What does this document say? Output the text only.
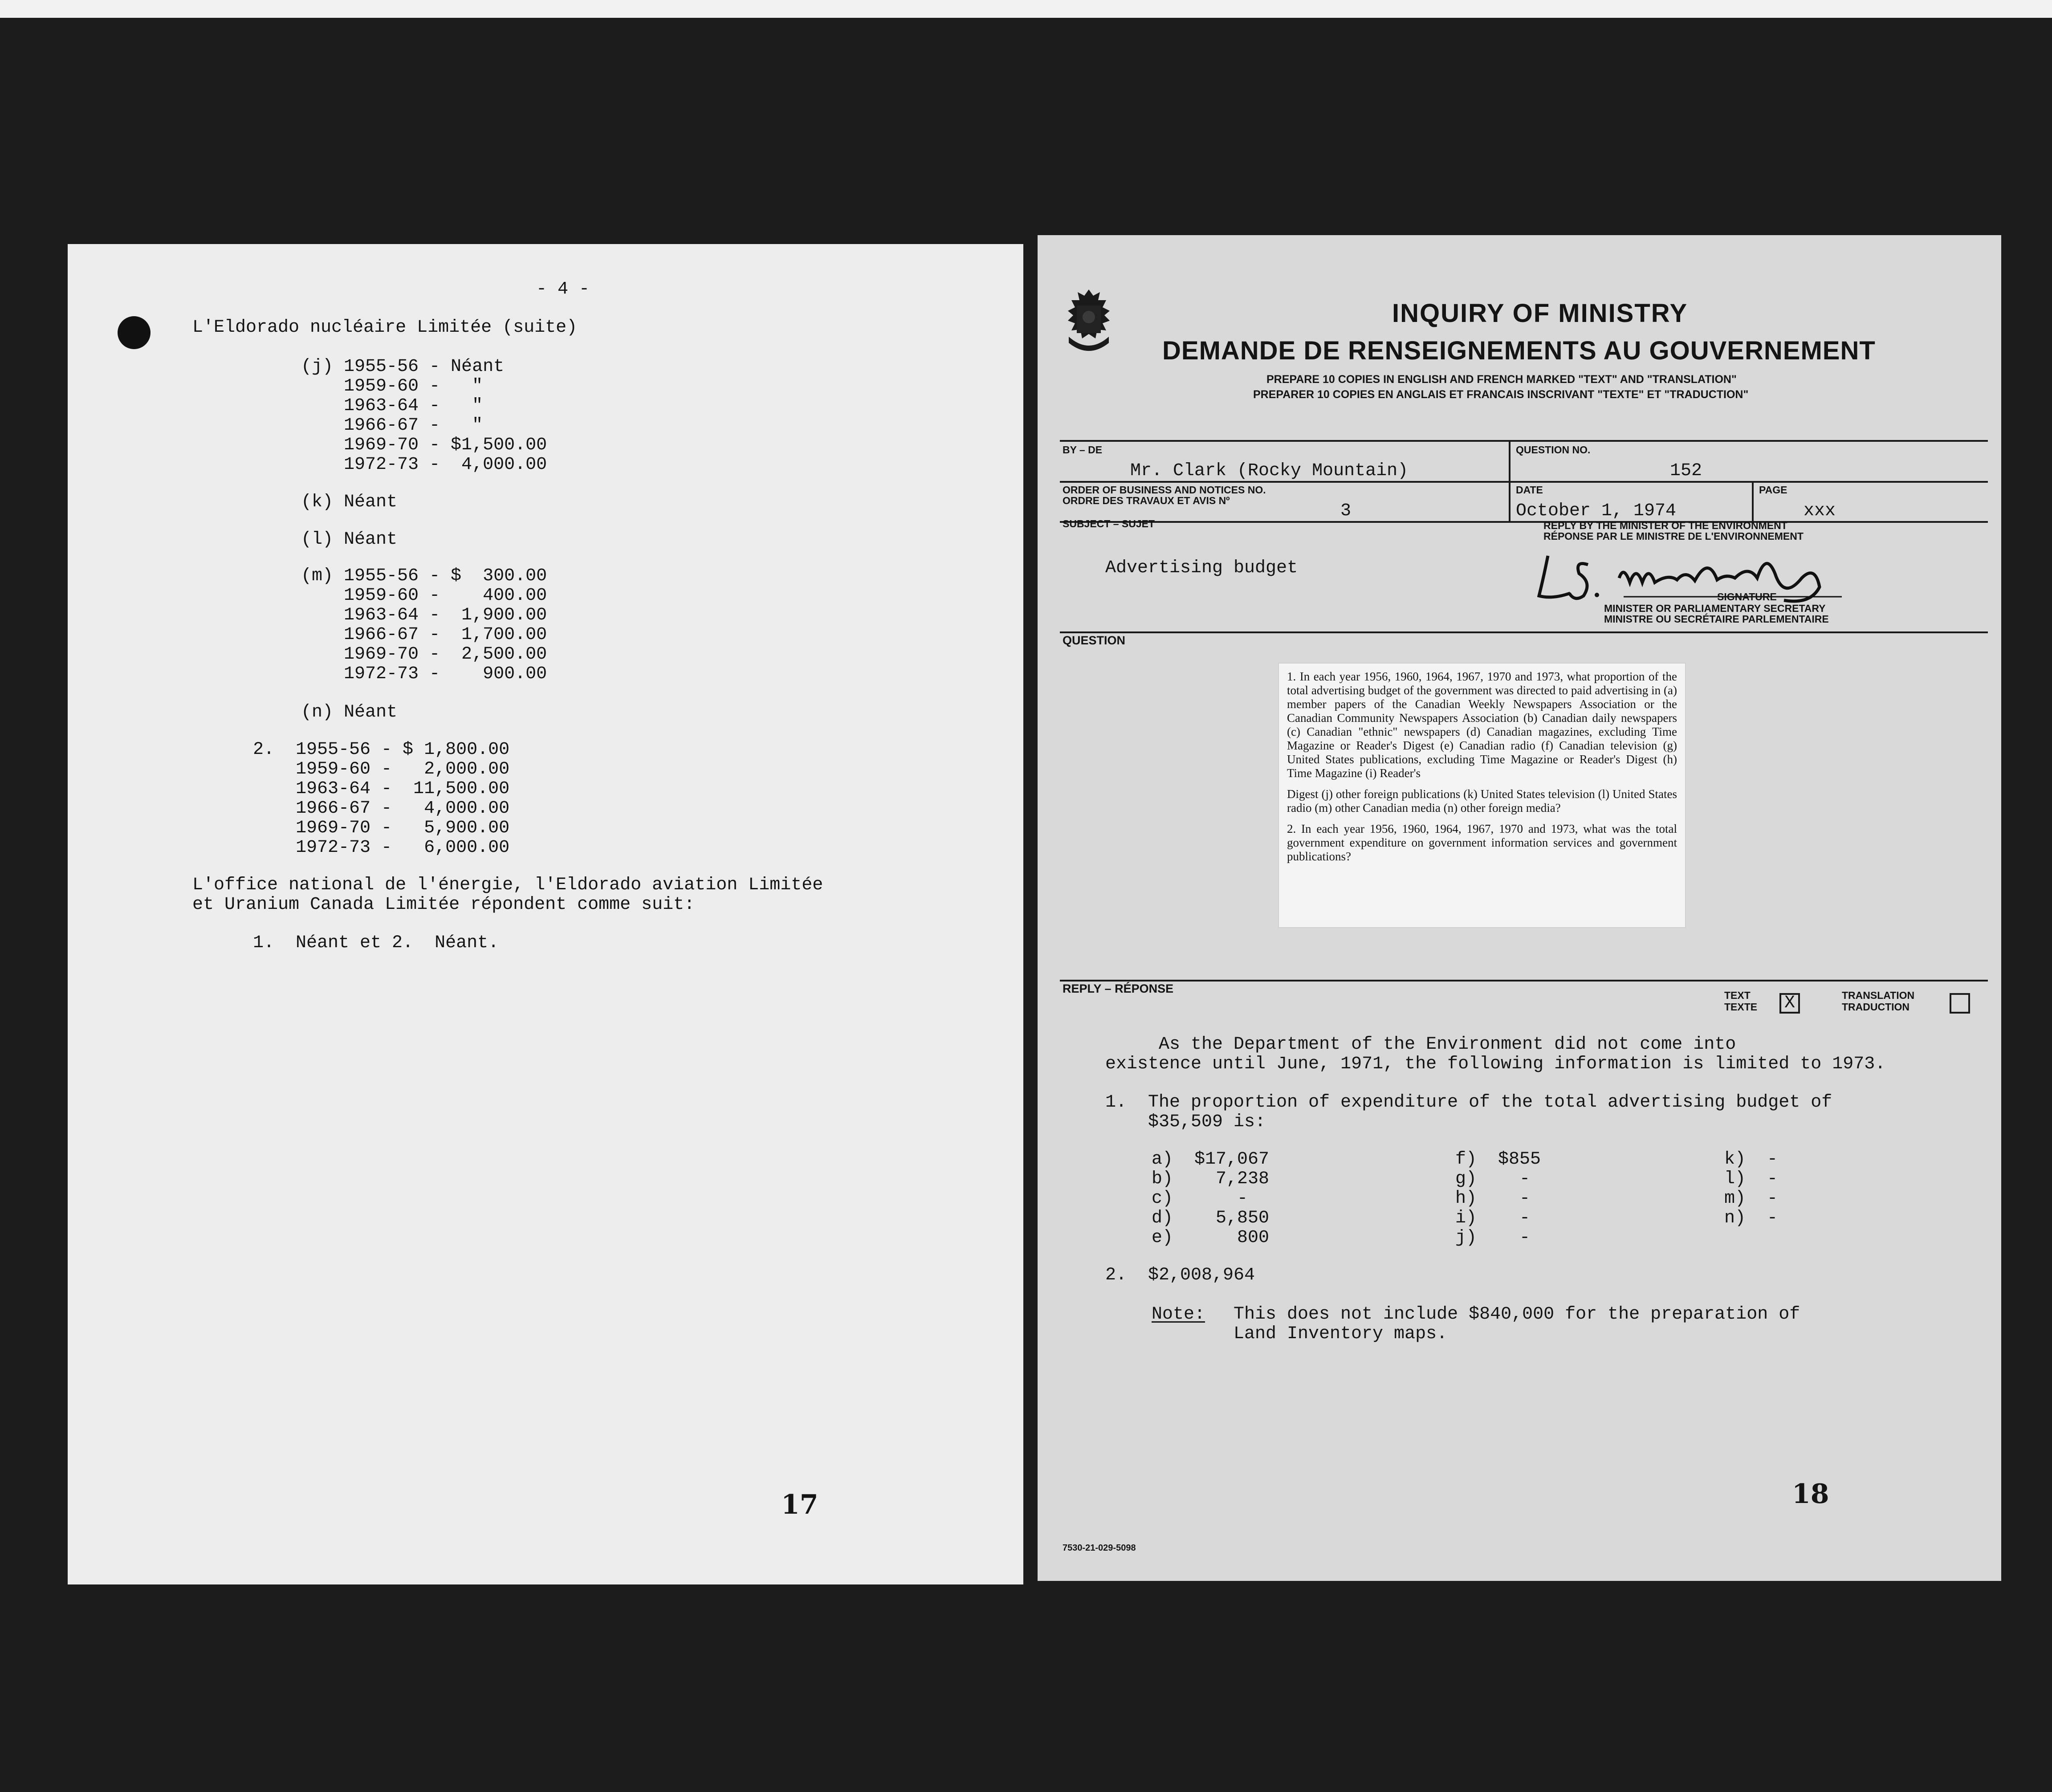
- 4 -

L'Eldorado nucléaire Limitée (suite)

(j) 1955-56 - Néant

1959-60 -   "

1963-64 -   "

1966-67 -   "

1969-70 - $1,500.00

1972-73 -  4,000.00

(k) Néant

(l) Néant

(m) 1955-56 - $  300.00

1959-60 -    400.00

1963-64 -  1,900.00

1966-67 -  1,700.00

1969-70 -  2,500.00

1972-73 -    900.00

(n) Néant

2.  1955-56 - $ 1,800.00

1959-60 -   2,000.00

1963-64 -  11,500.00

1966-67 -   4,000.00

1969-70 -   5,900.00

1972-73 -   6,000.00

L'office national de l'énergie, l'Eldorado aviation Limitée

et Uranium Canada Limitée répondent comme suit:

1.  Néant et 2.  Néant.

17

INQUIRY OF MINISTRY

DEMANDE DE RENSEIGNEMENTS AU GOUVERNEMENT

PREPARE 10 COPIES IN ENGLISH AND FRENCH MARKED "TEXT" AND "TRANSLATION"

PREPARER 10 COPIES EN ANGLAIS ET FRANCAIS INSCRIVANT "TEXTE" ET "TRADUCTION"

BY – DE

Mr. Clark (Rocky Mountain)

QUESTION NO.

152

ORDER OF BUSINESS AND NOTICES NO.

ORDRE DES TRAVAUX ET AVIS Nº

3

DATE

October 1, 1974

PAGE

xxx

SUBJECT – SUJET

Advertising budget

REPLY BY THE MINISTER OF THE ENVIRONMENT

RÉPONSE PAR LE MINISTRE DE L'ENVIRONNEMENT

SIGNATURE

MINISTER OR PARLIAMENTARY SECRETARY

MINISTRE OU SECRÉTAIRE PARLEMENTAIRE

QUESTION

1. In each year 1956, 1960, 1964, 1967, 1970 and 1973, what proportion of the total advertising budget of the government was directed to paid advertising in (a) member papers of the Canadian Weekly Newspapers Association or the Canadian Community Newspapers Association (b) Canadian daily newspapers (c) Canadian "ethnic" newspapers (d) Canadian magazines, excluding Time Magazine or Reader's Digest (e) Canadian radio (f) Canadian television (g) United States publications, excluding Time Magazine or Reader's Digest (h) Time Magazine (i) Reader's

Digest (j) other foreign publications (k) United States television (l) United States radio (m) other Canadian media (n) other foreign media?

2. In each year 1956, 1960, 1964, 1967, 1970 and 1973, what was the total government expenditure on government information services and government publications?

REPLY – RÉPONSE	TEXT
TEXTE X	TRANSLATION
TRADUCTION

As the Department of the Environment did not come into

existence until June, 1971, the following information is limited to 1973.

1.  The proportion of expenditure of the total advertising budget of

$35,509 is:

a)  $17,067

b)    7,238

c)      -

d)    5,850

e)      800

f)  $855

g)    -

h)    -

i)    -

j)    -

k)  -

l)  -

m)  -

n)  -

2.  $2,008,964

Note: This does not include $840,000 for the preparation of

Land Inventory maps.

18

7530-21-029-5098
